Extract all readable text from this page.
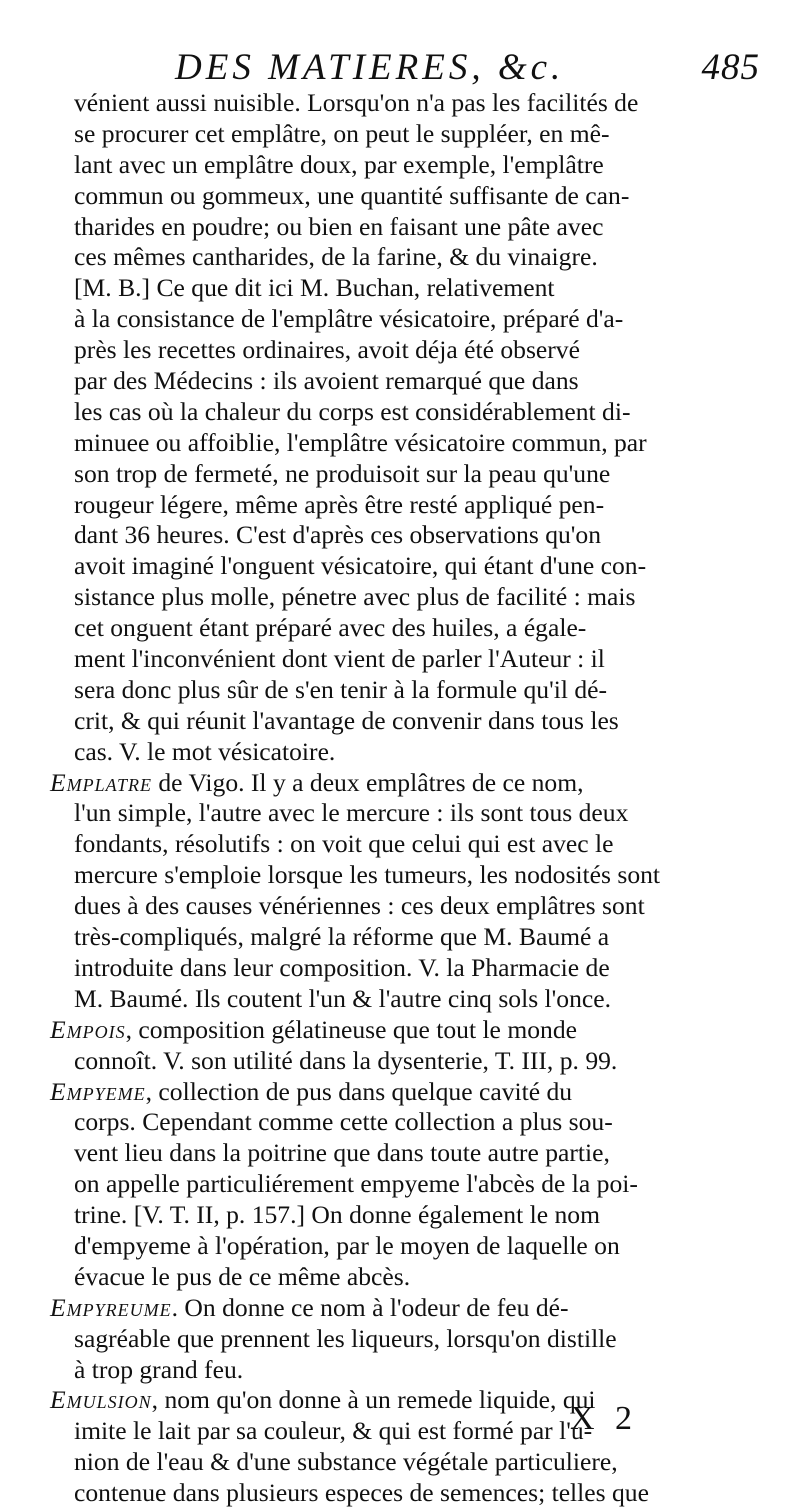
DES MATIERES, &c.	485
vénient aussi nuisible. Lorsqu'on n'a pas les facilités de
se procurer cet emplâtre, on peut le suppléer, en mê-
lant avec un emplâtre doux, par exemple, l'emplâtre
commun ou gommeux, une quantité suffisante de can-
tharides en poudre; ou bien en faisant une pâte avec
ces mêmes cantharides, de la farine, & du vinaigre.
[M. B.] Ce que dit ici M. Buchan, relativement
à la consistance de l'emplâtre vésicatoire, préparé d'a-
près les recettes ordinaires, avoit déja été observé
par des Médecins : ils avoient remarqué que dans
les cas où la chaleur du corps est considérablement di-
minuee ou affoiblie, l'emplâtre vésicatoire commun, par
son trop de fermeté, ne produisoit sur la peau qu'une
rougeur légere, même après être resté appliqué pen-
dant 36 heures. C'est d'après ces observations qu'on
avoit imaginé l'onguent vésicatoire, qui étant d'une con-
sistance plus molle, pénetre avec plus de facilité : mais
cet onguent étant préparé avec des huiles, a égale-
ment l'inconvénient dont vient de parler l'Auteur : il
sera donc plus sûr de s'en tenir à la formule qu'il dé-
crit, & qui réunit l'avantage de convenir dans tous les
cas. V. le mot vésicatoire.
Emplatre de Vigo. Il y a deux emplâtres de ce nom,
l'un simple, l'autre avec le mercure : ils sont tous deux
fondants, résolutifs : on voit que celui qui est avec le
mercure s'emploie lorsque les tumeurs, les nodosités sont
dues à des causes vénériennes : ces deux emplâtres sont
très-compliqués, malgré la réforme que M. Baumé a
introduite dans leur composition. V. la Pharmacie de
M. Baumé. Ils coutent l'un & l'autre cinq sols l'once.
Empois, composition gélatineuse que tout le monde
connoît. V. son utilité dans la dysenterie, T. III, p. 99.
Empyeme, collection de pus dans quelque cavité du
corps. Cependant comme cette collection a plus sou-
vent lieu dans la poitrine que dans toute autre partie,
on appelle particuliérement empyeme l'abcès de la poi-
trine. [V. T. II, p. 157.] On donne également le nom
d'empyeme à l'opération, par le moyen de laquelle on
évacue le pus de ce même abcès.
Empyreume. On donne ce nom à l'odeur de feu dé-
sagréable que prennent les liqueurs, lorsqu'on distille
à trop grand feu.
Emulsion, nom qu'on donne à un remede liquide, qui
imite le lait par sa couleur, & qui est formé par l'u-
nion de l'eau & d'une substance végétale particuliere,
contenue dans plusieurs especes de semences; telles que
X 2
